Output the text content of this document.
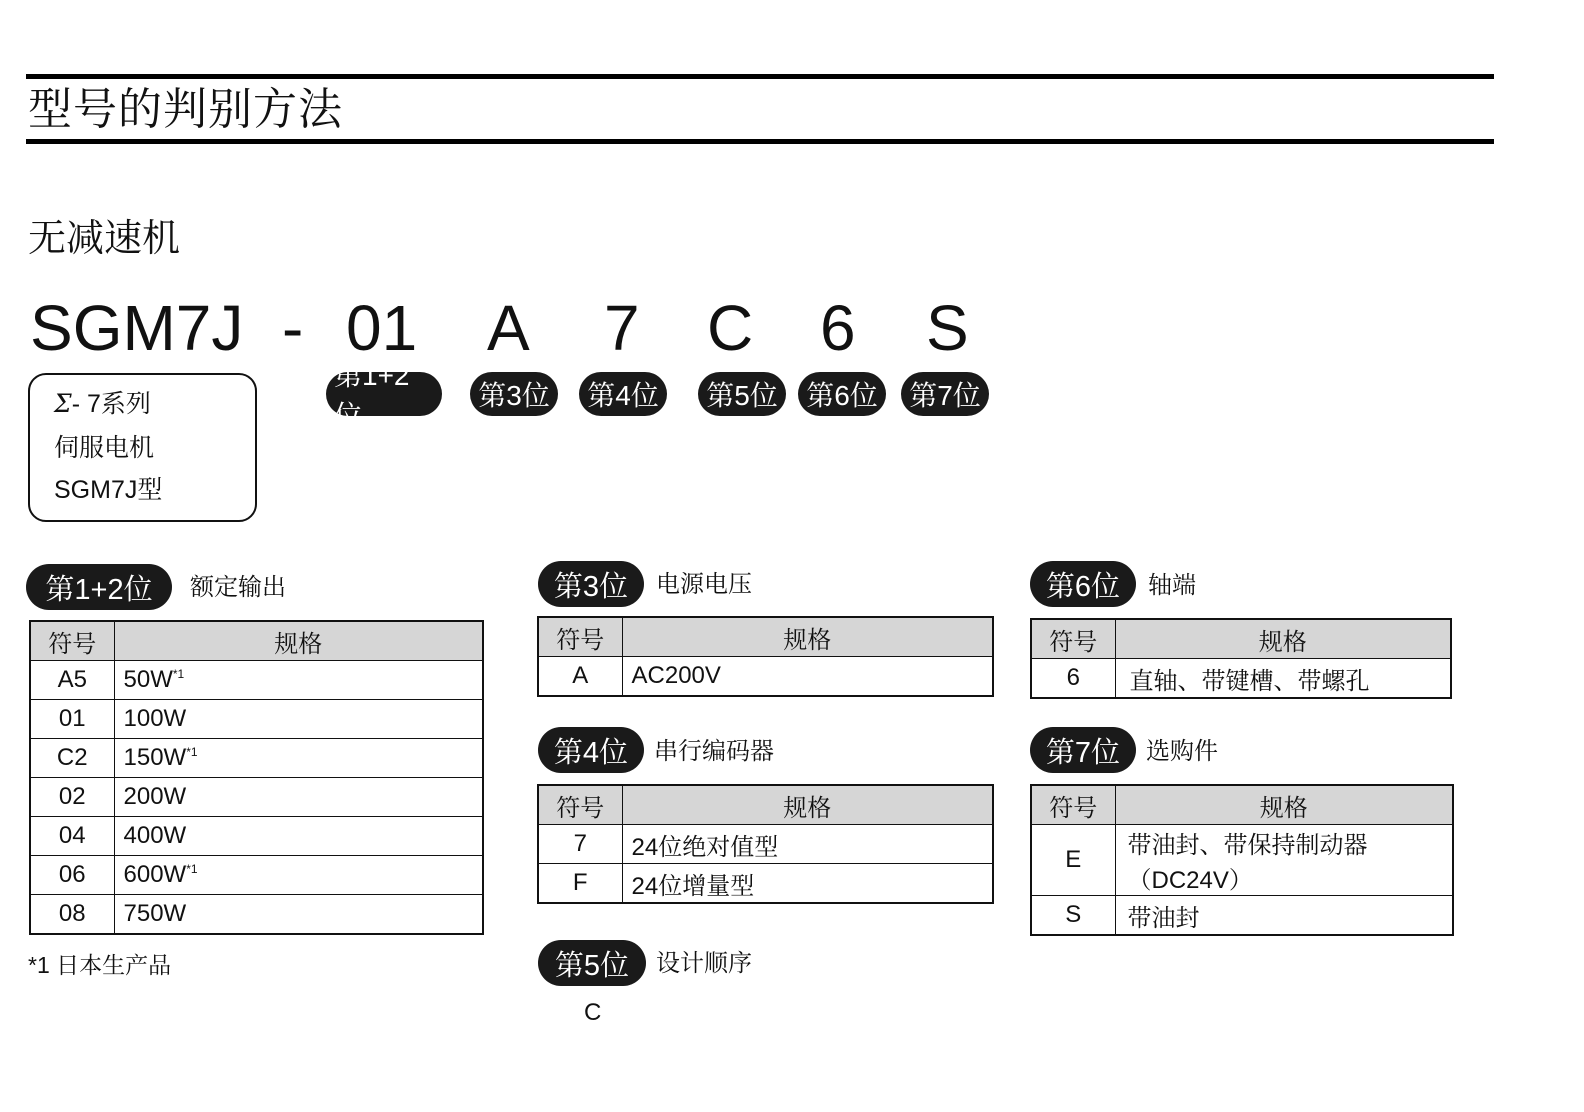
型号的判别方法
无减速机
SGM7J - 01 A 7 C 6 S
第1+2位
第3位 第4位 第5位 第6位 第7位
Σ- 7系列
伺服电机
SGM7J型
第1+2位	额定输出
符号	规格
A5	50W$^{*1}$
01	100W
C2	150W$^{*1}$
02	200W
04	400W
06	600W$^{*1}$
08	750W
*1 日本生产品
第3位	电源电压
符号	规格
A	AC200V
第4位	串行编码器
符号	规格
7	24位绝对值型
F	24位增量型
第5位	设计顺序
C
第6位	轴端
符号	规格
6	直轴、带键槽、带螺孔
第7位	选购件
符号	规格
E	带油封、带保持制动器（DC24V）
S	带油封
